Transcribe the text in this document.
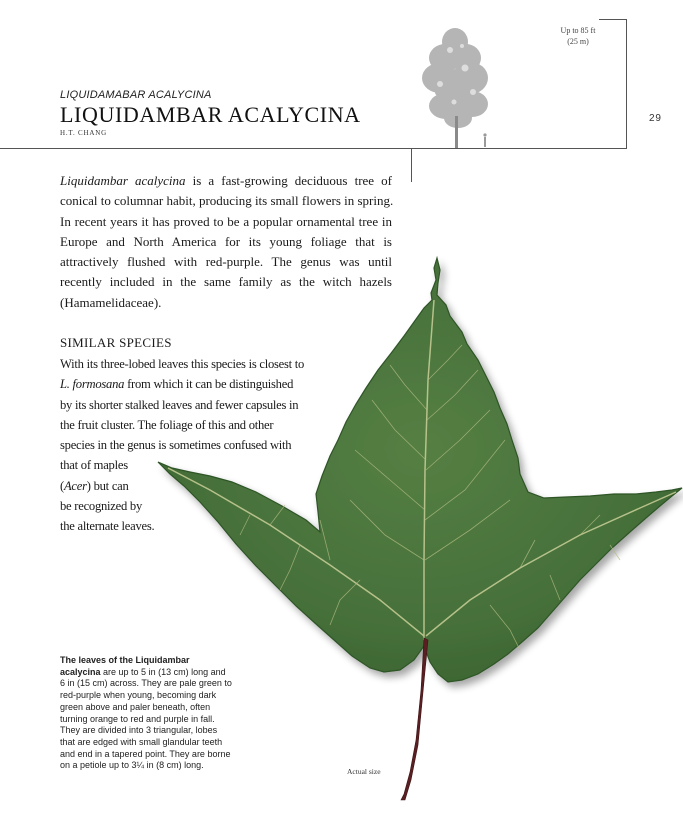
Up to 85 ft
(25 m)
LIQUIDAMABAR ACALYCINA
LIQUIDAMBAR ACALYCINA
H.T. CHANG
29
Liquidambar acalycina is a fast-growing deciduous tree of
conical to columnar habit, producing its small flowers in spring.
In recent years it has proved to be a popular ornamental tree in
Europe and North America for its young foliage that is
attractively flushed with red-purple. The genus was until
recently included in the same family as the witch hazels
(Hamamelidaceae).
SIMILAR SPECIES
With its three-lobed leaves this species is closest to
L. formosana from which it can be distinguished
by its shorter stalked leaves and fewer capsules in
the fruit cluster. The foliage of this and other
species in the genus is sometimes confused with
that of maples
(Acer) but can
be recognized by
the alternate leaves.
The leaves of the Liquidambar
acalycina are up to 5 in (13 cm) long and
6 in (15 cm) across. They are pale green to
red-purple when young, becoming dark
green above and paler beneath, often
turning orange to red and purple in fall.
They are divided into 3 triangular, lobes
that are edged with small glandular teeth
and end in a tapered point. They are borne
on a petiole up to 3¼ in (8 cm) long.
Actual size
